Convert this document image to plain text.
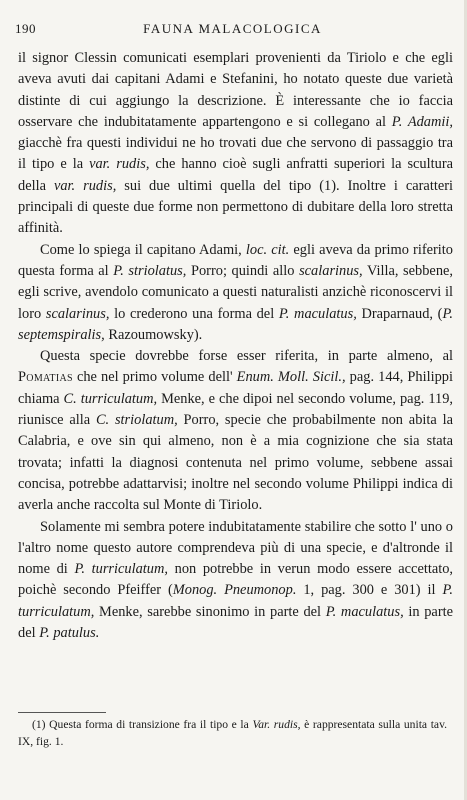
190	FAUNA MALACOLOGICA

il signor Clessin comunicati esemplari provenienti da Tiriolo e che egli aveva avuti dai capitani Adami e Stefanini, ho notato queste due varietà distinte di cui aggiungo la descrizione. È interessante che io faccia osservare che indubitatamente appartengono e si collegano al P. Adamii, giacchè fra questi individui ne ho trovati due che servono di passaggio tra il tipo e la var. rudis, che hanno cioè sugli anfratti superiori la scultura della var. rudis, sui due ultimi quella del tipo (1). Inoltre i caratteri principali di queste due forme non permettono di dubitare della loro stretta affinità.

Come lo spiega il capitano Adami, loc. cit. egli aveva da primo riferito questa forma al P. striolatus, Porro; quindi allo scalarinus, Villa, sebbene, egli scrive, avendolo comunicato a questi naturalisti anzichè riconoscervi il loro scalarinus, lo crederono una forma del P. maculatus, Draparnaud, (P. septemspiralis, Razoumowsky).

Questa specie dovrebbe forse esser riferita, in parte almeno, al Pomatias che nel primo volume dell' Enum. Moll. Sicil., pag. 144, Philippi chiama C. turriculatum, Menke, e che dipoi nel secondo volume, pag. 119, riunisce alla C. striolatum, Porro, specie che probabilmente non abita la Calabria, e ove sin qui almeno, non è a mia cognizione che sia stata trovata; infatti la diagnosi contenuta nel primo volume, sebbene assai concisa, potrebbe adattarvisi; inoltre nel secondo volume Philippi indica di averla anche raccolta sul Monte di Tiriolo.

Solamente mi sembra potere indubitatamente stabilire che sotto l' uno o l'altro nome questo autore comprendeva più di una specie, e d'altronde il nome di P. turriculatum, non potrebbe in verun modo essere accettato, poichè secondo Pfeiffer (Monog. Pneumonop. 1, pag. 300 e 301) il P. turriculatum, Menke, sarebbe sinonimo in parte del P. maculatus, in parte del P. patulus.

(1) Questa forma di transizione fra il tipo e la Var. rudis, è rappresentata sulla unita tav. IX, fig. 1.
